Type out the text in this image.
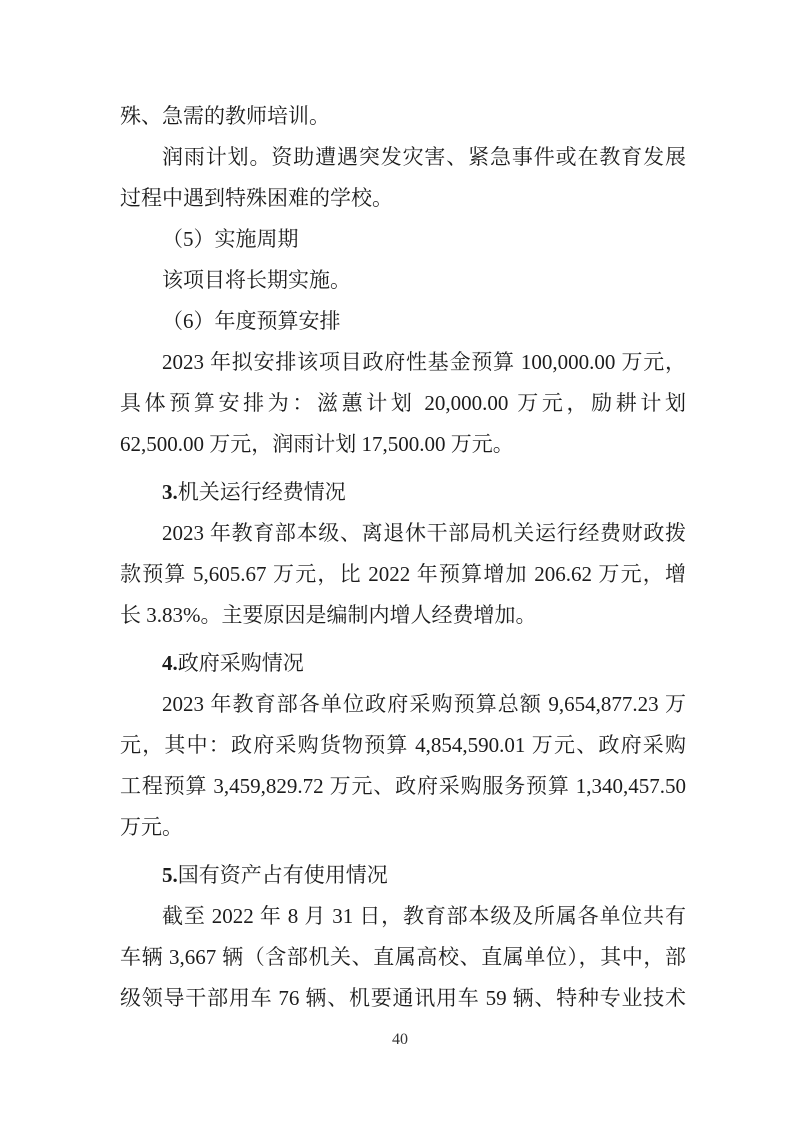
殊、急需的教师培训。
润雨计划。资助遭遇突发灾害、紧急事件或在教育发展
过程中遇到特殊困难的学校。
（5）实施周期
该项目将长期实施。
（6）年度预算安排
2023 年拟安排该项目政府性基金预算 100,000.00 万元，
具体预算安排为：滋蕙计划 20,000.00 万元，励耕计划
62,500.00 万元，润雨计划 17,500.00 万元。
3.机关运行经费情况
2023 年教育部本级、离退休干部局机关运行经费财政拨
款预算 5,605.67 万元，比 2022 年预算增加 206.62 万元，增
长 3.83%。主要原因是编制内增人经费增加。
4.政府采购情况
2023 年教育部各单位政府采购预算总额 9,654,877.23 万
元，其中：政府采购货物预算 4,854,590.01 万元、政府采购
工程预算 3,459,829.72 万元、政府采购服务预算 1,340,457.50
万元。
5.国有资产占有使用情况
截至 2022 年 8 月 31 日，教育部本级及所属各单位共有
车辆 3,667 辆（含部机关、直属高校、直属单位），其中，部
级领导干部用车 76 辆、机要通讯用车 59 辆、特种专业技术
40
